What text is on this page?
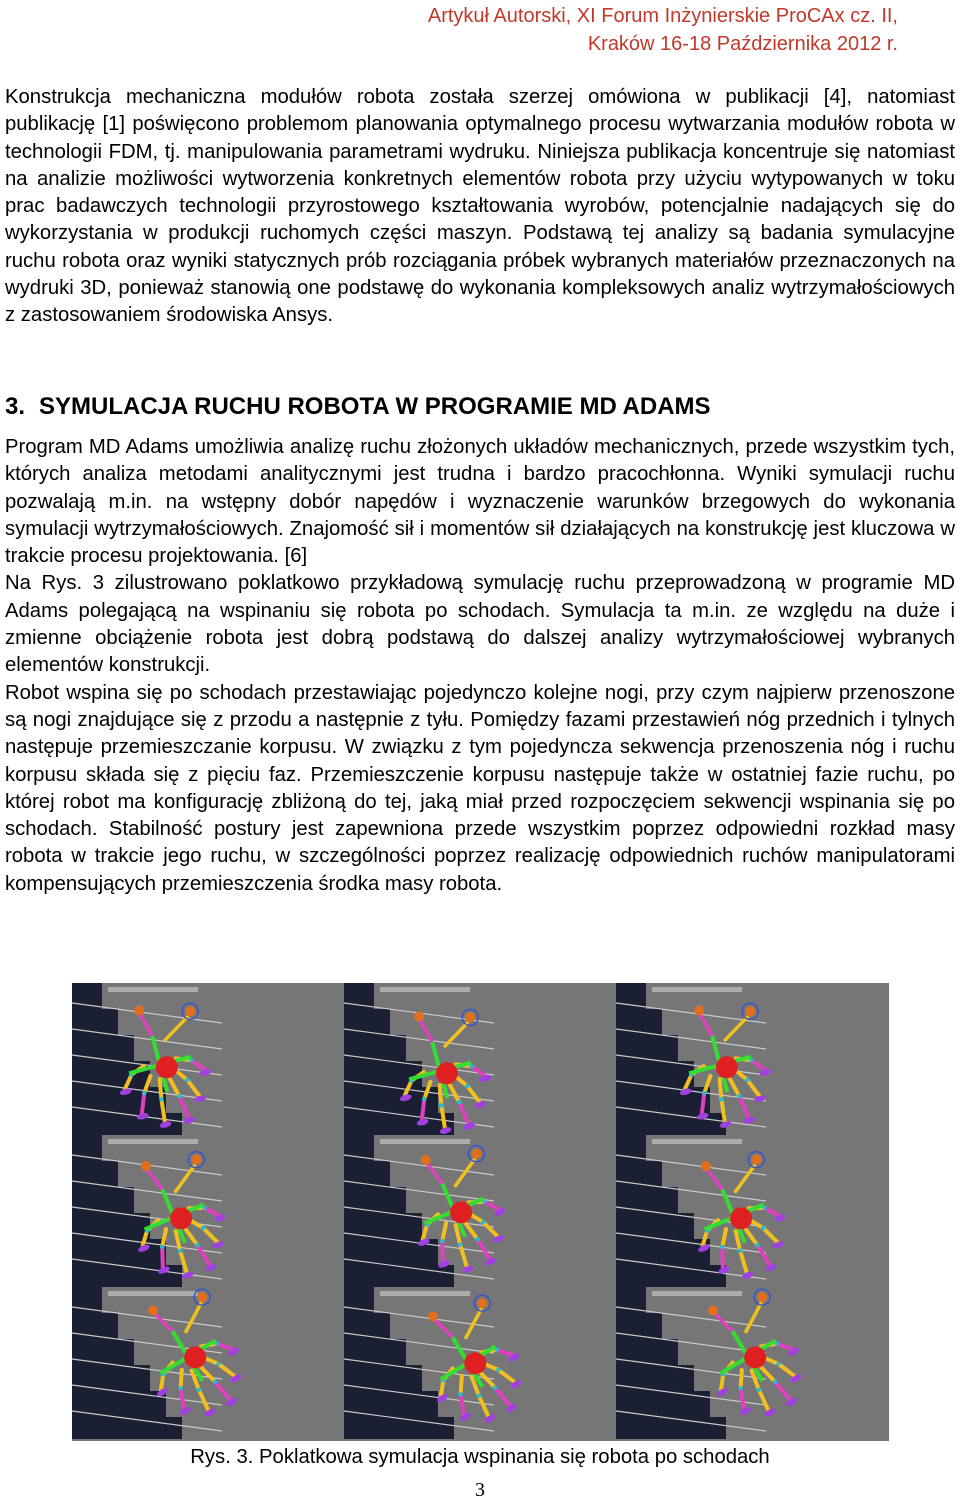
Artykuł Autorski, XI Forum Inżynierskie ProCAx cz. II,
Kraków 16-18 Października 2012 r.

Konstrukcja mechaniczna modułów robota została szerzej omówiona w publikacji [4], natomiast publikację [1] poświęcono problemom planowania optymalnego procesu wytwarzania modułów robota w technologii FDM, tj. manipulowania parametrami wydruku. Niniejsza publikacja koncentruje się natomiast na analizie możliwości wytworzenia konkretnych elementów robota przy użyciu wytypowanych w toku prac badawczych technologii przyrostowego kształtowania wyrobów, potencjalnie nadających się do wykorzystania w produkcji ruchomych części maszyn. Podstawą tej analizy są badania symulacyjne ruchu robota oraz wyniki statycznych prób rozciągania próbek wybranych materiałów przeznaczonych na wydruki 3D, ponieważ stanowią one podstawę do wykonania kompleksowych analiz wytrzymałościowych z zastosowaniem środowiska Ansys.

3. SYMULACJA RUCHU ROBOTA W PROGRAMIE MD ADAMS

Program MD Adams umożliwia analizę ruchu złożonych układów mechanicznych, przede wszystkim tych, których analiza metodami analitycznymi jest trudna i bardzo pracochłonna. Wyniki symulacji ruchu pozwalają m.in. na wstępny dobór napędów i wyznaczenie warunków brzegowych do wykonania symulacji wytrzymałościowych. Znajomość sił i momentów sił działających na konstrukcję jest kluczowa w trakcie procesu projektowania. [6]

Na Rys. 3 zilustrowano poklatkowo przykładową symulację ruchu przeprowadzoną w programie MD Adams polegającą na wspinaniu się robota po schodach. Symulacja ta m.in. ze względu na duże i zmienne obciążenie robota jest dobrą podstawą do dalszej analizy wytrzymałościowej wybranych elementów konstrukcji.

Robot wspina się po schodach przestawiając pojedynczo kolejne nogi, przy czym najpierw przenoszone są nogi znajdujące się z przodu a następnie z tyłu. Pomiędzy fazami przestawień nóg przednich i tylnych następuje przemieszczanie korpusu. W związku z tym pojedyncza sekwencja przenoszenia nóg i ruchu korpusu składa się z pięciu faz. Przemieszczenie korpusu następuje także w ostatniej fazie ruchu, po której robot ma konfigurację zbliżoną do tej, jaką miał przed rozpoczęciem sekwencji wspinania się po schodach. Stabilność postury jest zapewniona przede wszystkim poprzez odpowiedni rozkład masy robota w trakcie jego ruchu, w szczególności poprzez realizację odpowiednich ruchów manipulatorami kompensujących przemieszczenia środka masy robota.

Rys. 3. Poklatkowa symulacja wspinania się robota po schodach
3
